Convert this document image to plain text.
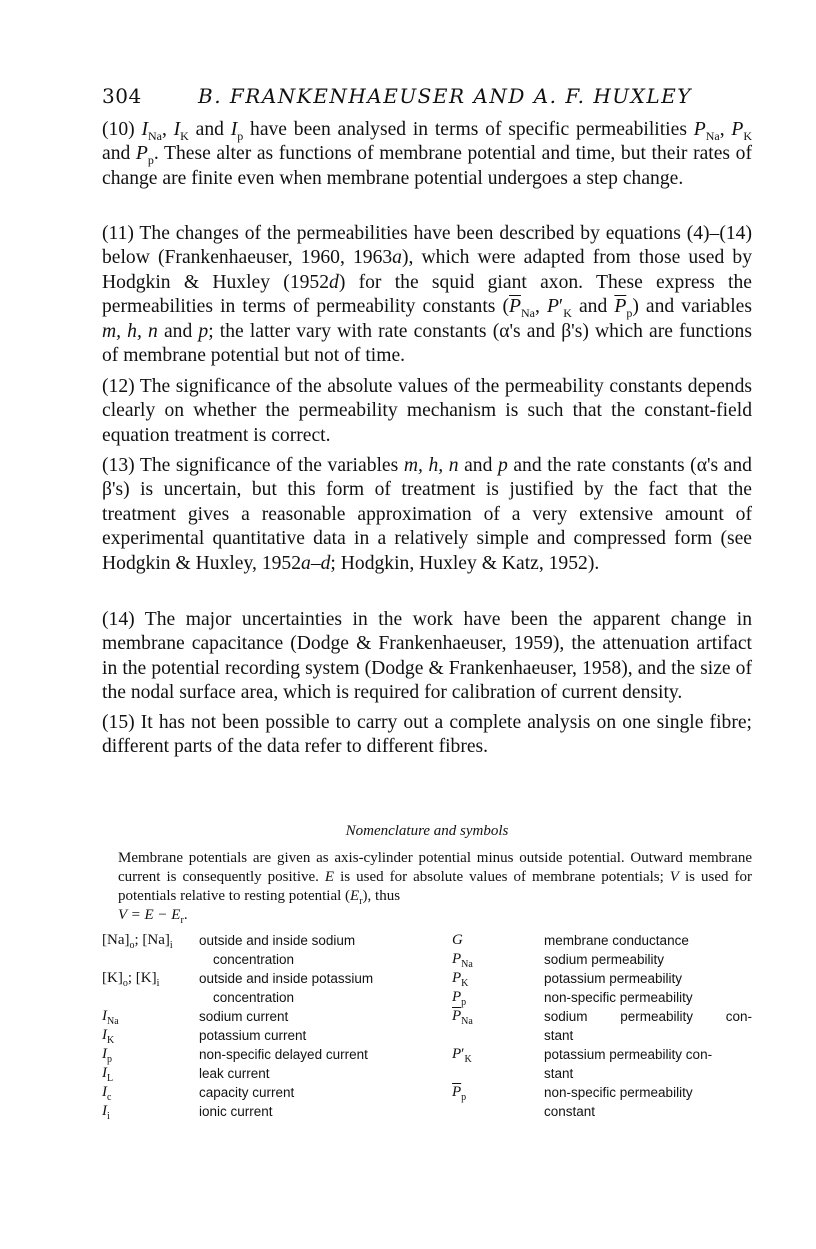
304	B. FRANKENHAEUSER AND A. F. HUXLEY

(10) $I_{Na}$, $I_K$ and $I_p$ have been analysed in terms of specific permeabilities $P_{Na}$, $P_K$ and $P_p$. These alter as functions of membrane potential and time, but their rates of change are finite even when membrane potential undergoes a step change.

(11) The changes of the permeabilities have been described by equations (4)–(14) below (Frankenhaeuser, 1960, 1963a), which were adapted from those used by Hodgkin & Huxley (1952d) for the squid giant axon. These express the permeabilities in terms of permeability constants ($\overline{P}_{Na}$, $P'_K$ and $\overline{P}_p$) and variables m, h, n and p; the latter vary with rate constants (α's and β's) which are functions of membrane potential but not of time.

(12) The significance of the absolute values of the permeability constants depends clearly on whether the permeability mechanism is such that the constant-field equation treatment is correct.

(13) The significance of the variables m, h, n and p and the rate constants (α's and β's) is uncertain, but this form of treatment is justified by the fact that the treatment gives a reasonable approximation of a very extensive amount of experimental quantitative data in a relatively simple and compressed form (see Hodgkin & Huxley, 1952a–d; Hodgkin, Huxley & Katz, 1952).

(14) The major uncertainties in the work have been the apparent change in membrane capacitance (Dodge & Frankenhaeuser, 1959), the attenuation artifact in the potential recording system (Dodge & Frankenhaeuser, 1958), and the size of the nodal surface area, which is required for calibration of current density.

(15) It has not been possible to carry out a complete analysis on one single fibre; different parts of the data refer to different fibres.

Nomenclature and symbols

Membrane potentials are given as axis-cylinder potential minus outside potential. Outward membrane current is consequently positive. E is used for absolute values of membrane potentials; V is used for potentials relative to resting potential $(E_r)$, thus
$V = E - E_r$.

$[Na]_o$; $[Na]_i$ outside and inside sodium
concentration
$[K]_o$; $[K]_i$	outside and inside potassium
concentration
$I_{Na}$	sodium current
$I_K$	potassium current
$I_p$	non-specific delayed current
$I_L$	leak current
$I_c$	capacity current
$I_i$	ionic current
G	membrane conductance
$P_{Na}$	sodium permeability
$P_K$	potassium permeability
$P_p$	non-specific permeability
$\overline{P}_{Na}$	sodium permeability con-
stant
$P'_K$	potassium permeability con-
stant
$\overline{P}_p$	non-specific permeability
constant
